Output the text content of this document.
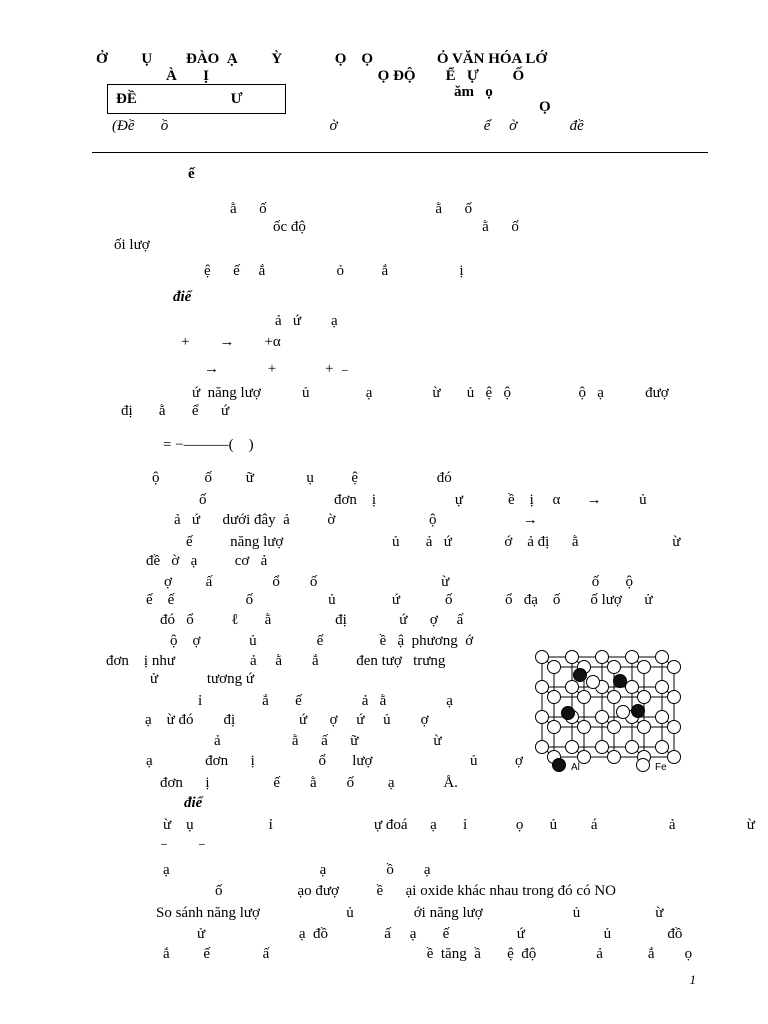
Ở         Ụ         ĐÀO  Ạ         Ỳ              Ọ    Ọ                 Ỏ VĂN HÓA LỚ
À       Ị                                             Ọ ĐỘ        Ể   Ự         Ố
ĐỀ                         Ư	ăm   ọ
Ọ
(Đề       ồ                                           ờ                                       ể     ờ              đề
ế
ằ      ố                                             ằ      ố
ốc độ                                               ằ      ố
ối lượ
ệ      ế     ắ                   ỏ          ắ                   ị
điể
ả   ứ        ạ
+        →        +α
→             +             +  ₋
ứ  năng lượ           ủ               ạ                ừ       ủ   ệ   ộ                  ộ   ạ           đượ
đị       ằ       ể      ứ
= −———(    )
ộ            ố         ữ              ụ          ệ                     đó
ố                                  đơn    ị                     ự            ề    ị     α       →          ủ
ả   ứ      dưới đây  ả          ờ                         ộ                       →
ế          năng lượ                             ủ       ả   ứ              ớ    ả đị      ằ                         ừ
đề   ờ   ạ          cơ   ả
ợ         ấ                ổ        ố                                 ừ                                      ố       ộ
ế    ế                   ố                    ủ               ứ            ố              ổ   đạ    ố        ố lượ      ử
đó   ổ          ℓ       ằ                 đị              ứ      ợ     ấ
ộ    ợ             ủ                ế               ề   ậ  phương  ớ
đơn    ị như                    ả     ằ        ắ          đen tượ   trưng
ử             tương ứ
ỉ                ắ       ế                ả   ằ                ạ
ạ    ừ đó        đị                 ứ      ợ     ứ     ủ        ợ
ả                   ằ      ấ      ữ                    ừ
ạ              đơn      ị                 ố       lượ                          ủ          ợ
đơn      ị                 ế        ằ        ố         ạ             Å.
điể
ừ    ụ                    ỉ                           ự đoá      ạ       ỉ             ọ       ủ         á                   ả                   ừ
₋        ₋
ạ                                        ạ                ồ        ạ
ố                    ạo đượ          ề      ại oxide khác nhau trong đó có NO
So sánh năng lượ                       ủ                ới năng lượ                        ủ                    ừ
ử                         ạ  đồ               ấ     ạ       ế                  ứ                     ủ               đồ
ắ         ế              ấ                                          ề  tăng  ầ       ệ  độ                ả            ắ        ọ
Al	Fe
1
